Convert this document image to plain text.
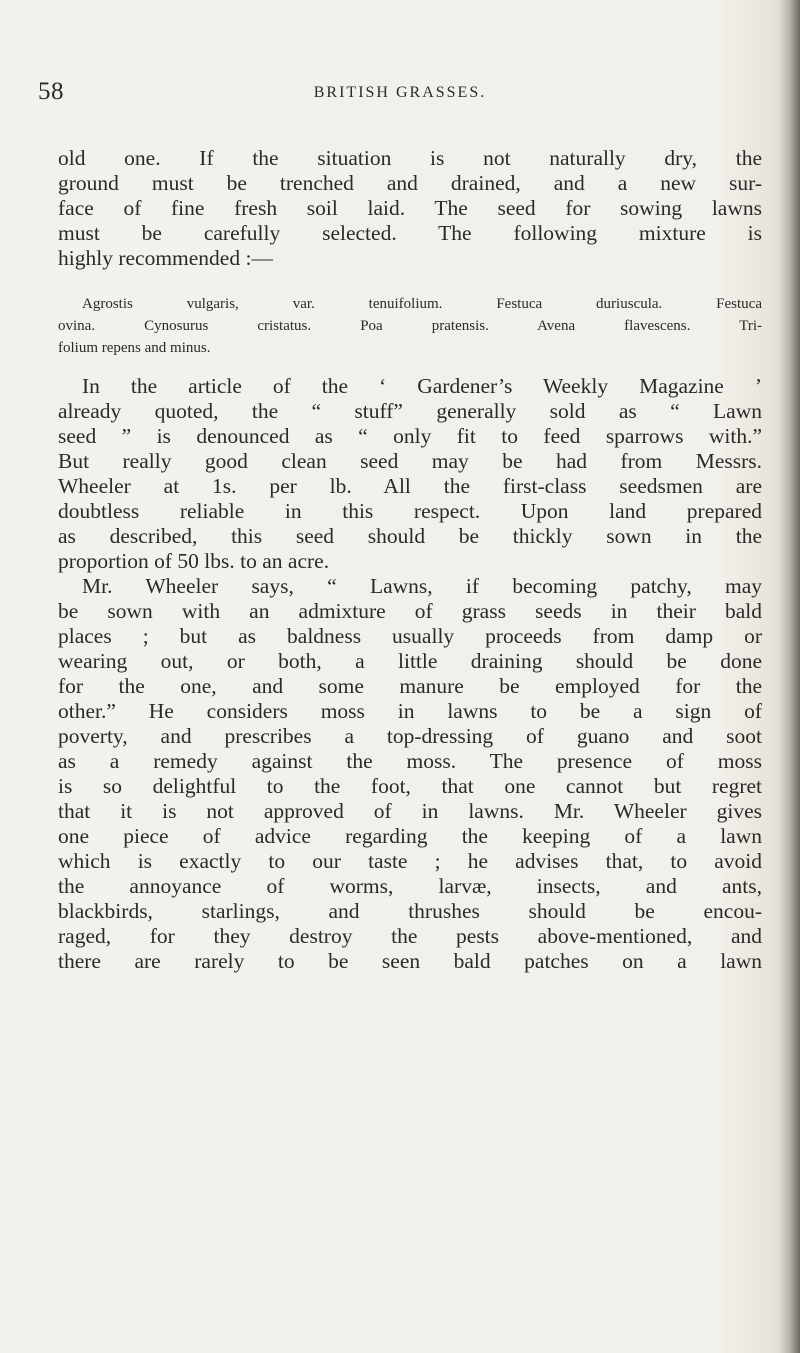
58	BRITISH GRASSES.
old one. If the situation is not naturally dry, the
ground must be trenched and drained, and a new sur-
face of fine fresh soil laid. The seed for sowing lawns
must be carefully selected. The following mixture is
highly recommended :—
Agrostis vulgaris, var. tenuifolium. Festuca duriuscula. Festuca
ovina. Cynosurus cristatus. Poa pratensis. Avena flavescens. Tri-
folium repens and minus.
In the article of the ‘ Gardener’s Weekly Magazine ’
already quoted, the “ stuff” generally sold as “ Lawn
seed ” is denounced as “ only fit to feed sparrows with.”
But really good clean seed may be had from Messrs.
Wheeler at 1s. per lb. All the first-class seedsmen are
doubtless reliable in this respect. Upon land prepared
as described, this seed should be thickly sown in the
proportion of 50 lbs. to an acre.
Mr. Wheeler says, “ Lawns, if becoming patchy, may
be sown with an admixture of grass seeds in their bald
places ; but as baldness usually proceeds from damp or
wearing out, or both, a little draining should be done
for the one, and some manure be employed for the
other.” He considers moss in lawns to be a sign of
poverty, and prescribes a top-dressing of guano and soot
as a remedy against the moss. The presence of moss
is so delightful to the foot, that one cannot but regret
that it is not approved of in lawns. Mr. Wheeler gives
one piece of advice regarding the keeping of a lawn
which is exactly to our taste ; he advises that, to avoid
the annoyance of worms, larvæ, insects, and ants,
blackbirds, starlings, and thrushes should be encou-
raged, for they destroy the pests above-mentioned, and
there are rarely to be seen bald patches on a lawn
